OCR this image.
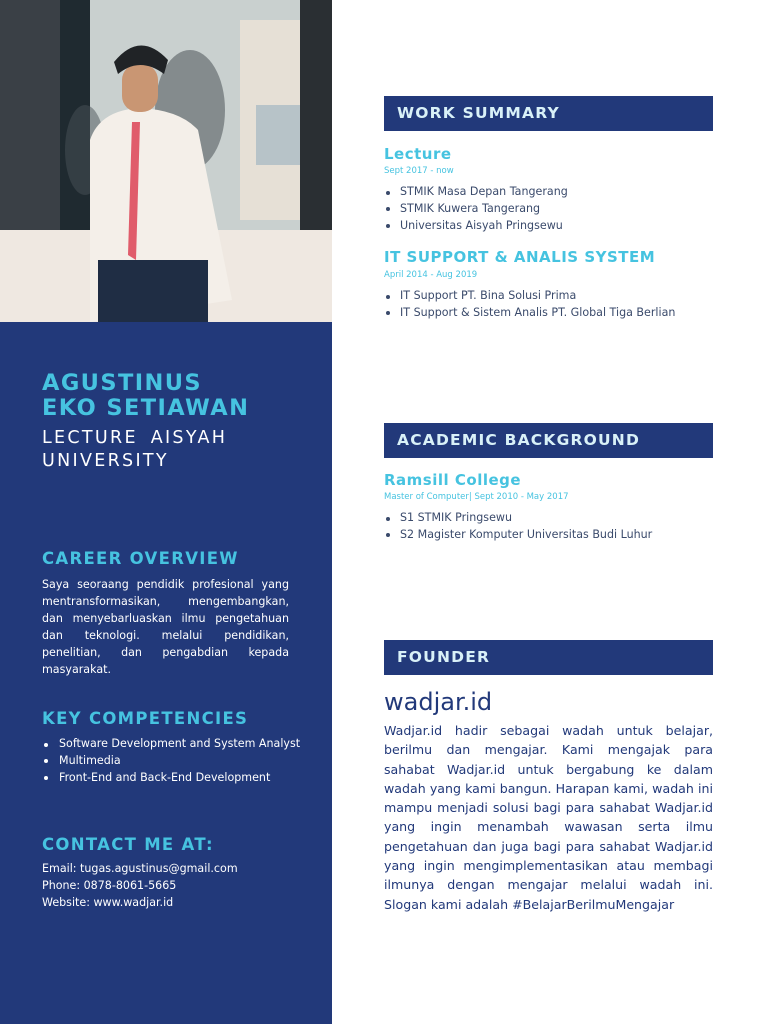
AGUSTINUS
EKO SETIAWAN
LECTURE AISYAH UNIVERSITY
CAREER OVERVIEW

Saya seoraang pendidik profesional yang mentransformasikan, mengembangkan, dan menyebarluaskan ilmu pengetahuan dan teknologi. melalui pendidikan, penelitian, dan pengabdian kepada masyarakat.

KEY COMPETENCIES
Software Development and System Analyst
Multimedia
Front-End and Back-End Development
CONTACT ME AT:
Email: tugas.agustinus@gmail.com
Phone: 0878-8061-5665
Website: www.wadjar.id
WORK SUMMARY
Lecture
Sept 2017 - now
STMIK Masa Depan Tangerang
STMIK Kuwera Tangerang
Universitas Aisyah Pringsewu
IT SUPPORT & ANALIS SYSTEM
April 2014 - Aug 2019
IT Support PT. Bina Solusi Prima
IT Support & Sistem Analis PT. Global Tiga Berlian
ACADEMIC BACKGROUND
Ramsill College
Master of Computer| Sept 2010 - May 2017
S1 STMIK Pringsewu
S2 Magister Komputer Universitas Budi Luhur
FOUNDER
wadjar.id

Wadjar.id hadir sebagai wadah untuk belajar, berilmu dan mengajar. Kami mengajak para sahabat Wadjar.id untuk bergabung ke dalam wadah yang kami bangun. Harapan kami, wadah ini mampu menjadi solusi bagi para sahabat Wadjar.id yang ingin menambah wawasan serta ilmu pengetahuan dan juga bagi para sahabat Wadjar.id yang ingin mengimplementasikan atau membagi ilmunya dengan mengajar melalui wadah ini. Slogan kami adalah #BelajarBerilmuMengajar
